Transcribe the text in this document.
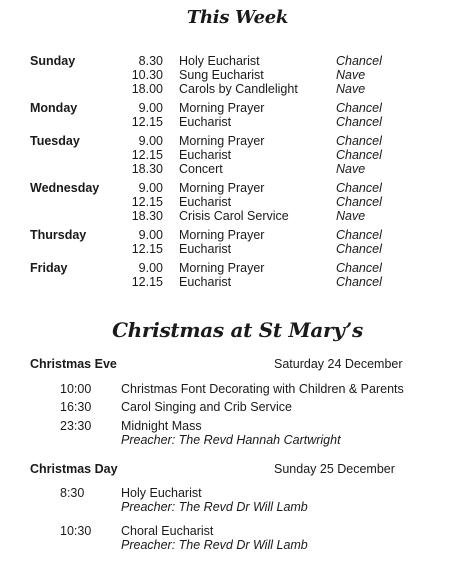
This Week
Sunday	8.30 Holy Eucharist	Chancel
10.30 Sung Eucharist	Nave
18.00 Carols by Candlelight	Nave
Monday	9.00 Morning Prayer	Chancel
12.15 Eucharist	Chancel
Tuesday	9.00 Morning Prayer	Chancel
12.15 Eucharist	Chancel
18.30 Concert	Nave
Wednesday	9.00 Morning Prayer	Chancel
12.15 Eucharist	Chancel
18.30 Crisis Carol Service	Nave
Thursday	9.00 Morning Prayer	Chancel
12.15 Eucharist	Chancel
Friday	9.00 Morning Prayer	Chancel
12.15 Eucharist	Chancel
Christmas at St Mary’s
Christmas Eve	Saturday 24 December
10:00 Christmas Font Decorating with Children & Parents
16:30 Carol Singing and Crib Service
23:30 Midnight Mass
Preacher: The Revd Hannah Cartwright
Christmas Day	Sunday 25 December
8:30	Holy Eucharist
Preacher: The Revd Dr Will Lamb
10:30 Choral Eucharist
Preacher: The Revd Dr Will Lamb
